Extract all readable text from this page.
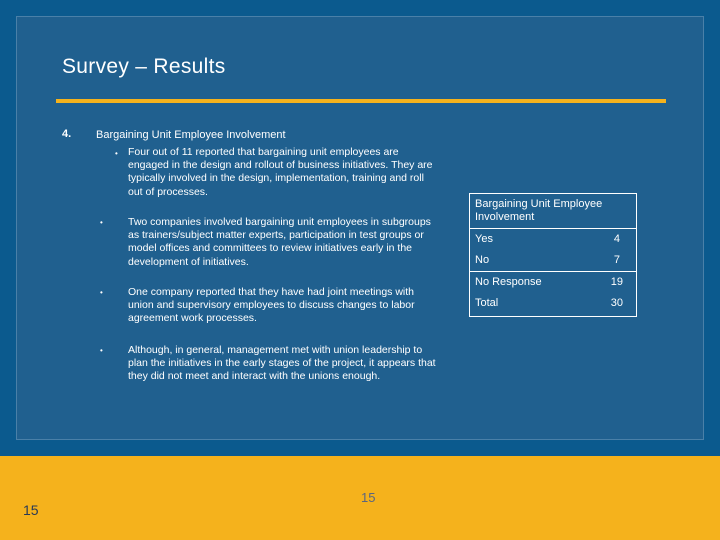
Survey – Results
4. Bargaining Unit Employee Involvement
• Four out of 11 reported that bargaining unit employees are engaged in the design and rollout of business initiatives. They are typically involved in the design, implementation, training and roll out of processes.
• Two companies involved bargaining unit employees in subgroups as trainers/subject matter experts, participation in test groups or model offices and committees to review initiatives early in the development of initiatives.
• One company reported that they have had joint meetings with union and supervisory employees to discuss changes to labor agreement work processes.
• Although, in general, management met with union leadership to plan the initiatives in the early stages of the project, it appears that they did not meet and interact with the unions enough.
Bargaining Unit Employee Involvement
Yes	4
No	7
No Response	19
Total	30
15
15
